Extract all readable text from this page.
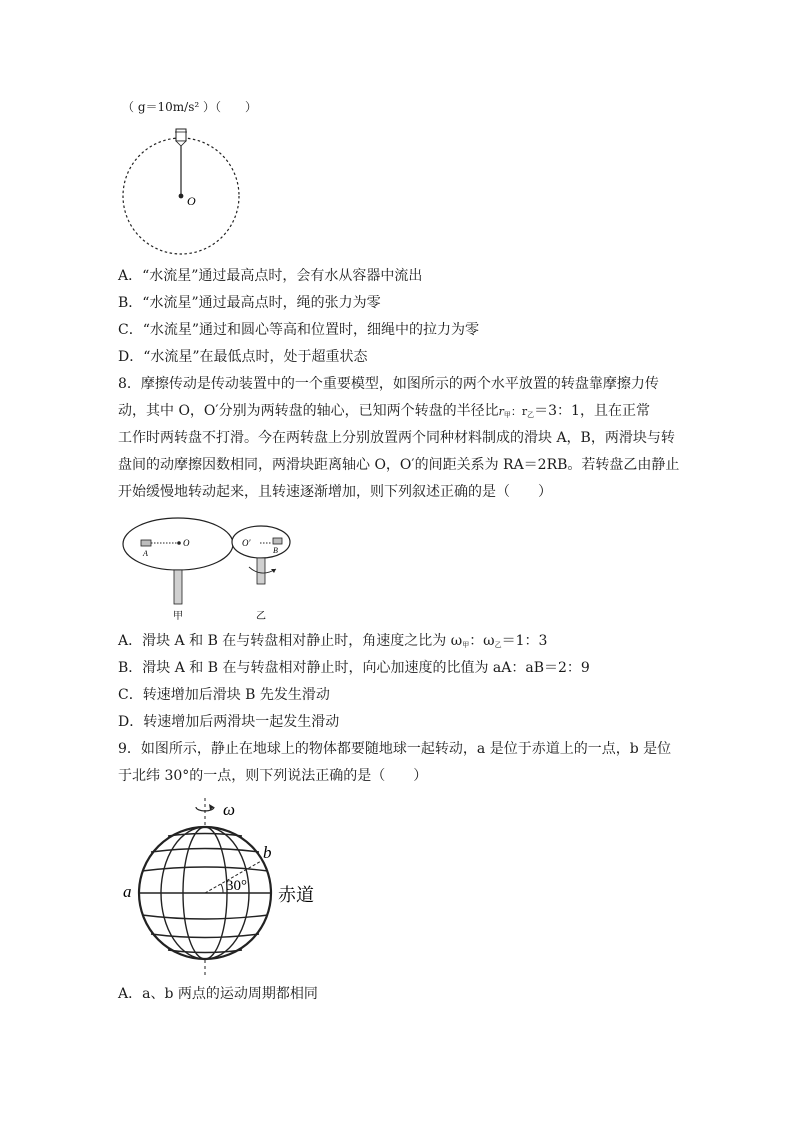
（ g＝10m/s² ）（　　）
O
A．“水流星”通过最高点时，会有水从容器中流出
B．“水流星”通过最高点时，绳的张力为零
C．“水流星”通过和圆心等高和位置时，细绳中的拉力为零
D．“水流星”在最低点时，处于超重状态
8．摩擦传动是传动装置中的一个重要模型，如图所示的两个水平放置的转盘靠摩擦力传
动，其中 O，O′分别为两转盘的轴心，已知两个转盘的半径比$r_甲$：$r_乙=3$：1，且在正常
工作时两转盘不打滑。今在两转盘上分别放置两个同种材料制成的滑块 A，B，两滑块与转
盘间的动摩擦因数相同，两滑块距离轴心 O，O′的间距关系为 RA＝2RB。若转盘乙由静止
开始缓慢地转动起来，且转速逐渐增加，则下列叙述正确的是（　　）
A
O	O′
B
甲	乙
A．滑块 A 和 B 在与转盘相对静止时，角速度之比为 $\omega_甲$：$\omega_乙=1$：3
B．滑块 A 和 B 在与转盘相对静止时，向心加速度的比值为 aA：aB＝2：9
C．转速增加后滑块 B 先发生滑动
D．转速增加后两滑块一起发生滑动
9．如图所示，静止在地球上的物体都要随地球一起转动，a 是位于赤道上的一点，b 是位
于北纬 30°的一点，则下列说法正确的是（　　）
ω
30°
b
a	赤道
A．a、b 两点的运动周期都相同
